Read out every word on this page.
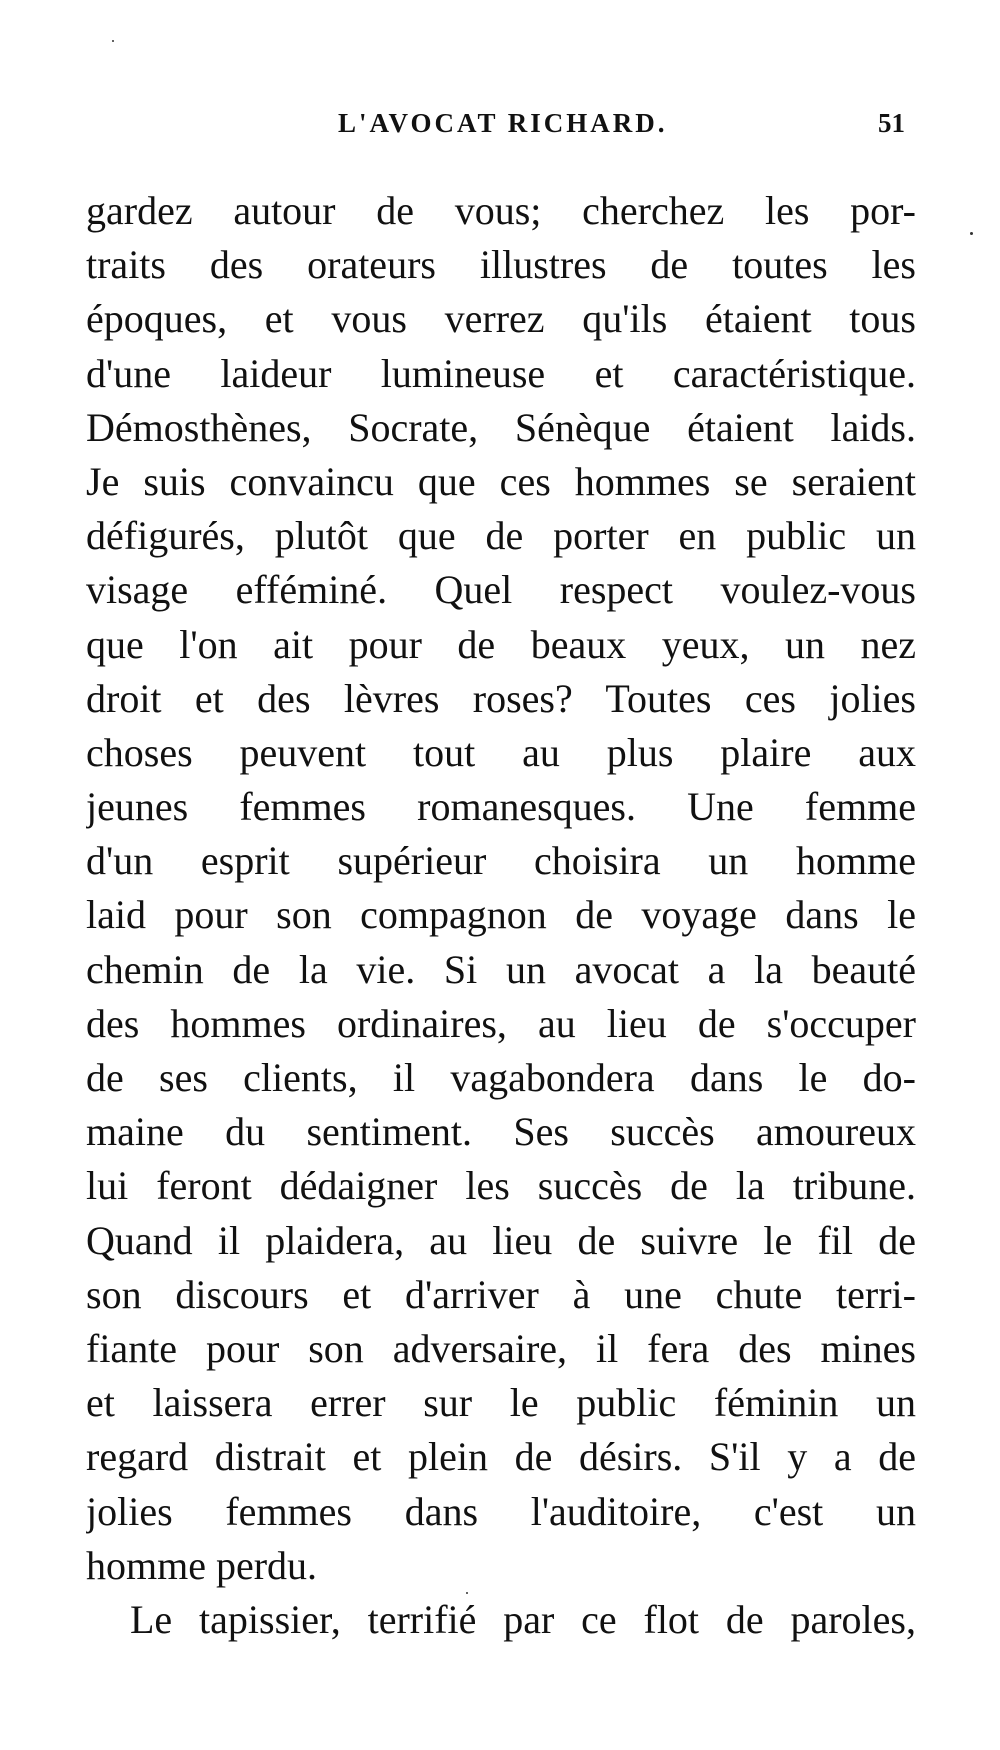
L'AVOCAT RICHARD.	51
gardez autour de vous; cherchez les por-
traits des orateurs illustres de toutes les
époques, et vous verrez qu'ils étaient tous
d'une laideur lumineuse et caractéristique.
Démosthènes, Socrate, Sénèque étaient laids.
Je suis convaincu que ces hommes se seraient
défigurés, plutôt que de porter en public un
visage efféminé. Quel respect voulez-vous
que l'on ait pour de beaux yeux, un nez
droit et des lèvres roses? Toutes ces jolies
choses peuvent tout au plus plaire aux
jeunes femmes romanesques. Une femme
d'un esprit supérieur choisira un homme
laid pour son compagnon de voyage dans le
chemin de la vie. Si un avocat a la beauté
des hommes ordinaires, au lieu de s'occuper
de ses clients, il vagabondera dans le do-
maine du sentiment. Ses succès amoureux
lui feront dédaigner les succès de la tribune.
Quand il plaidera, au lieu de suivre le fil de
son discours et d'arriver à une chute terri-
fiante pour son adversaire, il fera des mines
et laissera errer sur le public féminin un
regard distrait et plein de désirs. S'il y a de
jolies femmes dans l'auditoire, c'est un
homme perdu.
Le tapissier, terrifié par ce flot de paroles,
